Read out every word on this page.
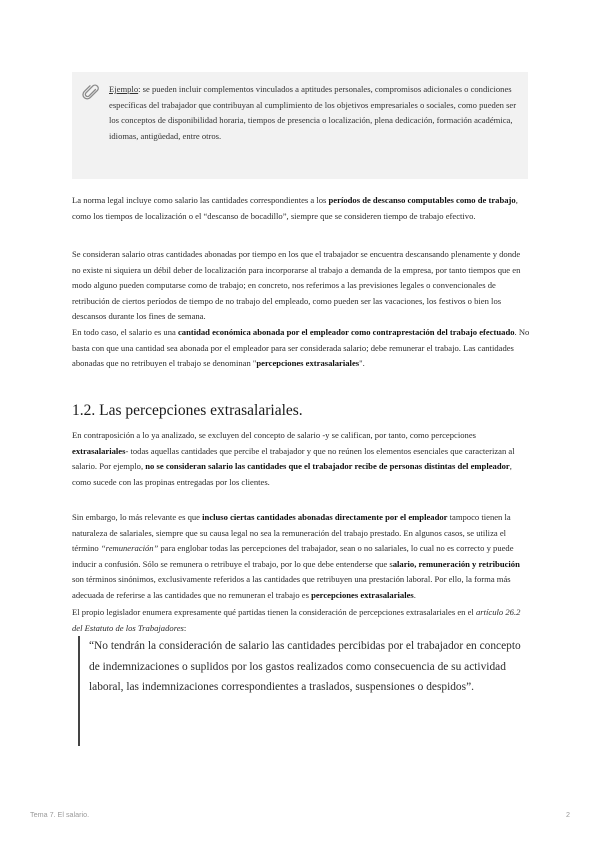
Ejemplo: se pueden incluir complementos vinculados a aptitudes personales, compromisos adicionales o condiciones específicas del trabajador que contribuyan al cumplimiento de los objetivos empresariales o sociales, como pueden ser los conceptos de disponibilidad horaria, tiempos de presencia o localización, plena dedicación, formación académica, idiomas, antigüedad, entre otros.

La norma legal incluye como salario las cantidades correspondientes a los períodos de descanso computables como de trabajo, como los tiempos de localización o el “descanso de bocadillo”, siempre que se consideren tiempo de trabajo efectivo.

Se consideran salario otras cantidades abonadas por tiempo en los que el trabajador se encuentra descansando plenamente y donde no existe ni siquiera un débil deber de localización para incorporarse al trabajo a demanda de la empresa, por tanto tiempos que en modo alguno pueden computarse como de trabajo; en concreto, nos referimos a las previsiones legales o convencionales de retribución de ciertos períodos de tiempo de no trabajo del empleado, como pueden ser las vacaciones, los festivos o bien los descansos durante los fines de semana.

En todo caso, el salario es una cantidad económica abonada por el empleador como contraprestación del trabajo efectuado. No basta con que una cantidad sea abonada por el empleador para ser considerada salario; debe remunerar el trabajo. Las cantidades abonadas que no retribuyen el trabajo se denominan "percepciones extrasalariales".

1.2. Las percepciones extrasalariales.

En contraposición a lo ya analizado, se excluyen del concepto de salario -y se califican, por tanto, como percepciones extrasalariales- todas aquellas cantidades que percibe el trabajador y que no reúnen los elementos esenciales que caracterizan al salario. Por ejemplo, no se consideran salario las cantidades que el trabajador recibe de personas distintas del empleador, como sucede con las propinas entregadas por los clientes.

Sin embargo, lo más relevante es que incluso ciertas cantidades abonadas directamente por el empleador tampoco tienen la naturaleza de salariales, siempre que su causa legal no sea la remuneración del trabajo prestado. En algunos casos, se utiliza el término “remuneración” para englobar todas las percepciones del trabajador, sean o no salariales, lo cual no es correcto y puede inducir a confusión. Sólo se remunera o retribuye el trabajo, por lo que debe entenderse que salario, remuneración y retribución son términos sinónimos, exclusivamente referidos a las cantidades que retribuyen una prestación laboral. Por ello, la forma más adecuada de referirse a las cantidades que no remuneran el trabajo es percepciones extrasalariales.

El propio legislador enumera expresamente qué partidas tienen la consideración de percepciones extrasalariales en el artículo 26.2 del Estatuto de los Trabajadores:

“No tendrán la consideración de salario las cantidades percibidas por el trabajador en concepto de indemnizaciones o suplidos por los gastos realizados como consecuencia de su actividad laboral, las indemnizaciones correspondientes a traslados, suspensiones o despidos”.
Tema 7. El salario.	2
